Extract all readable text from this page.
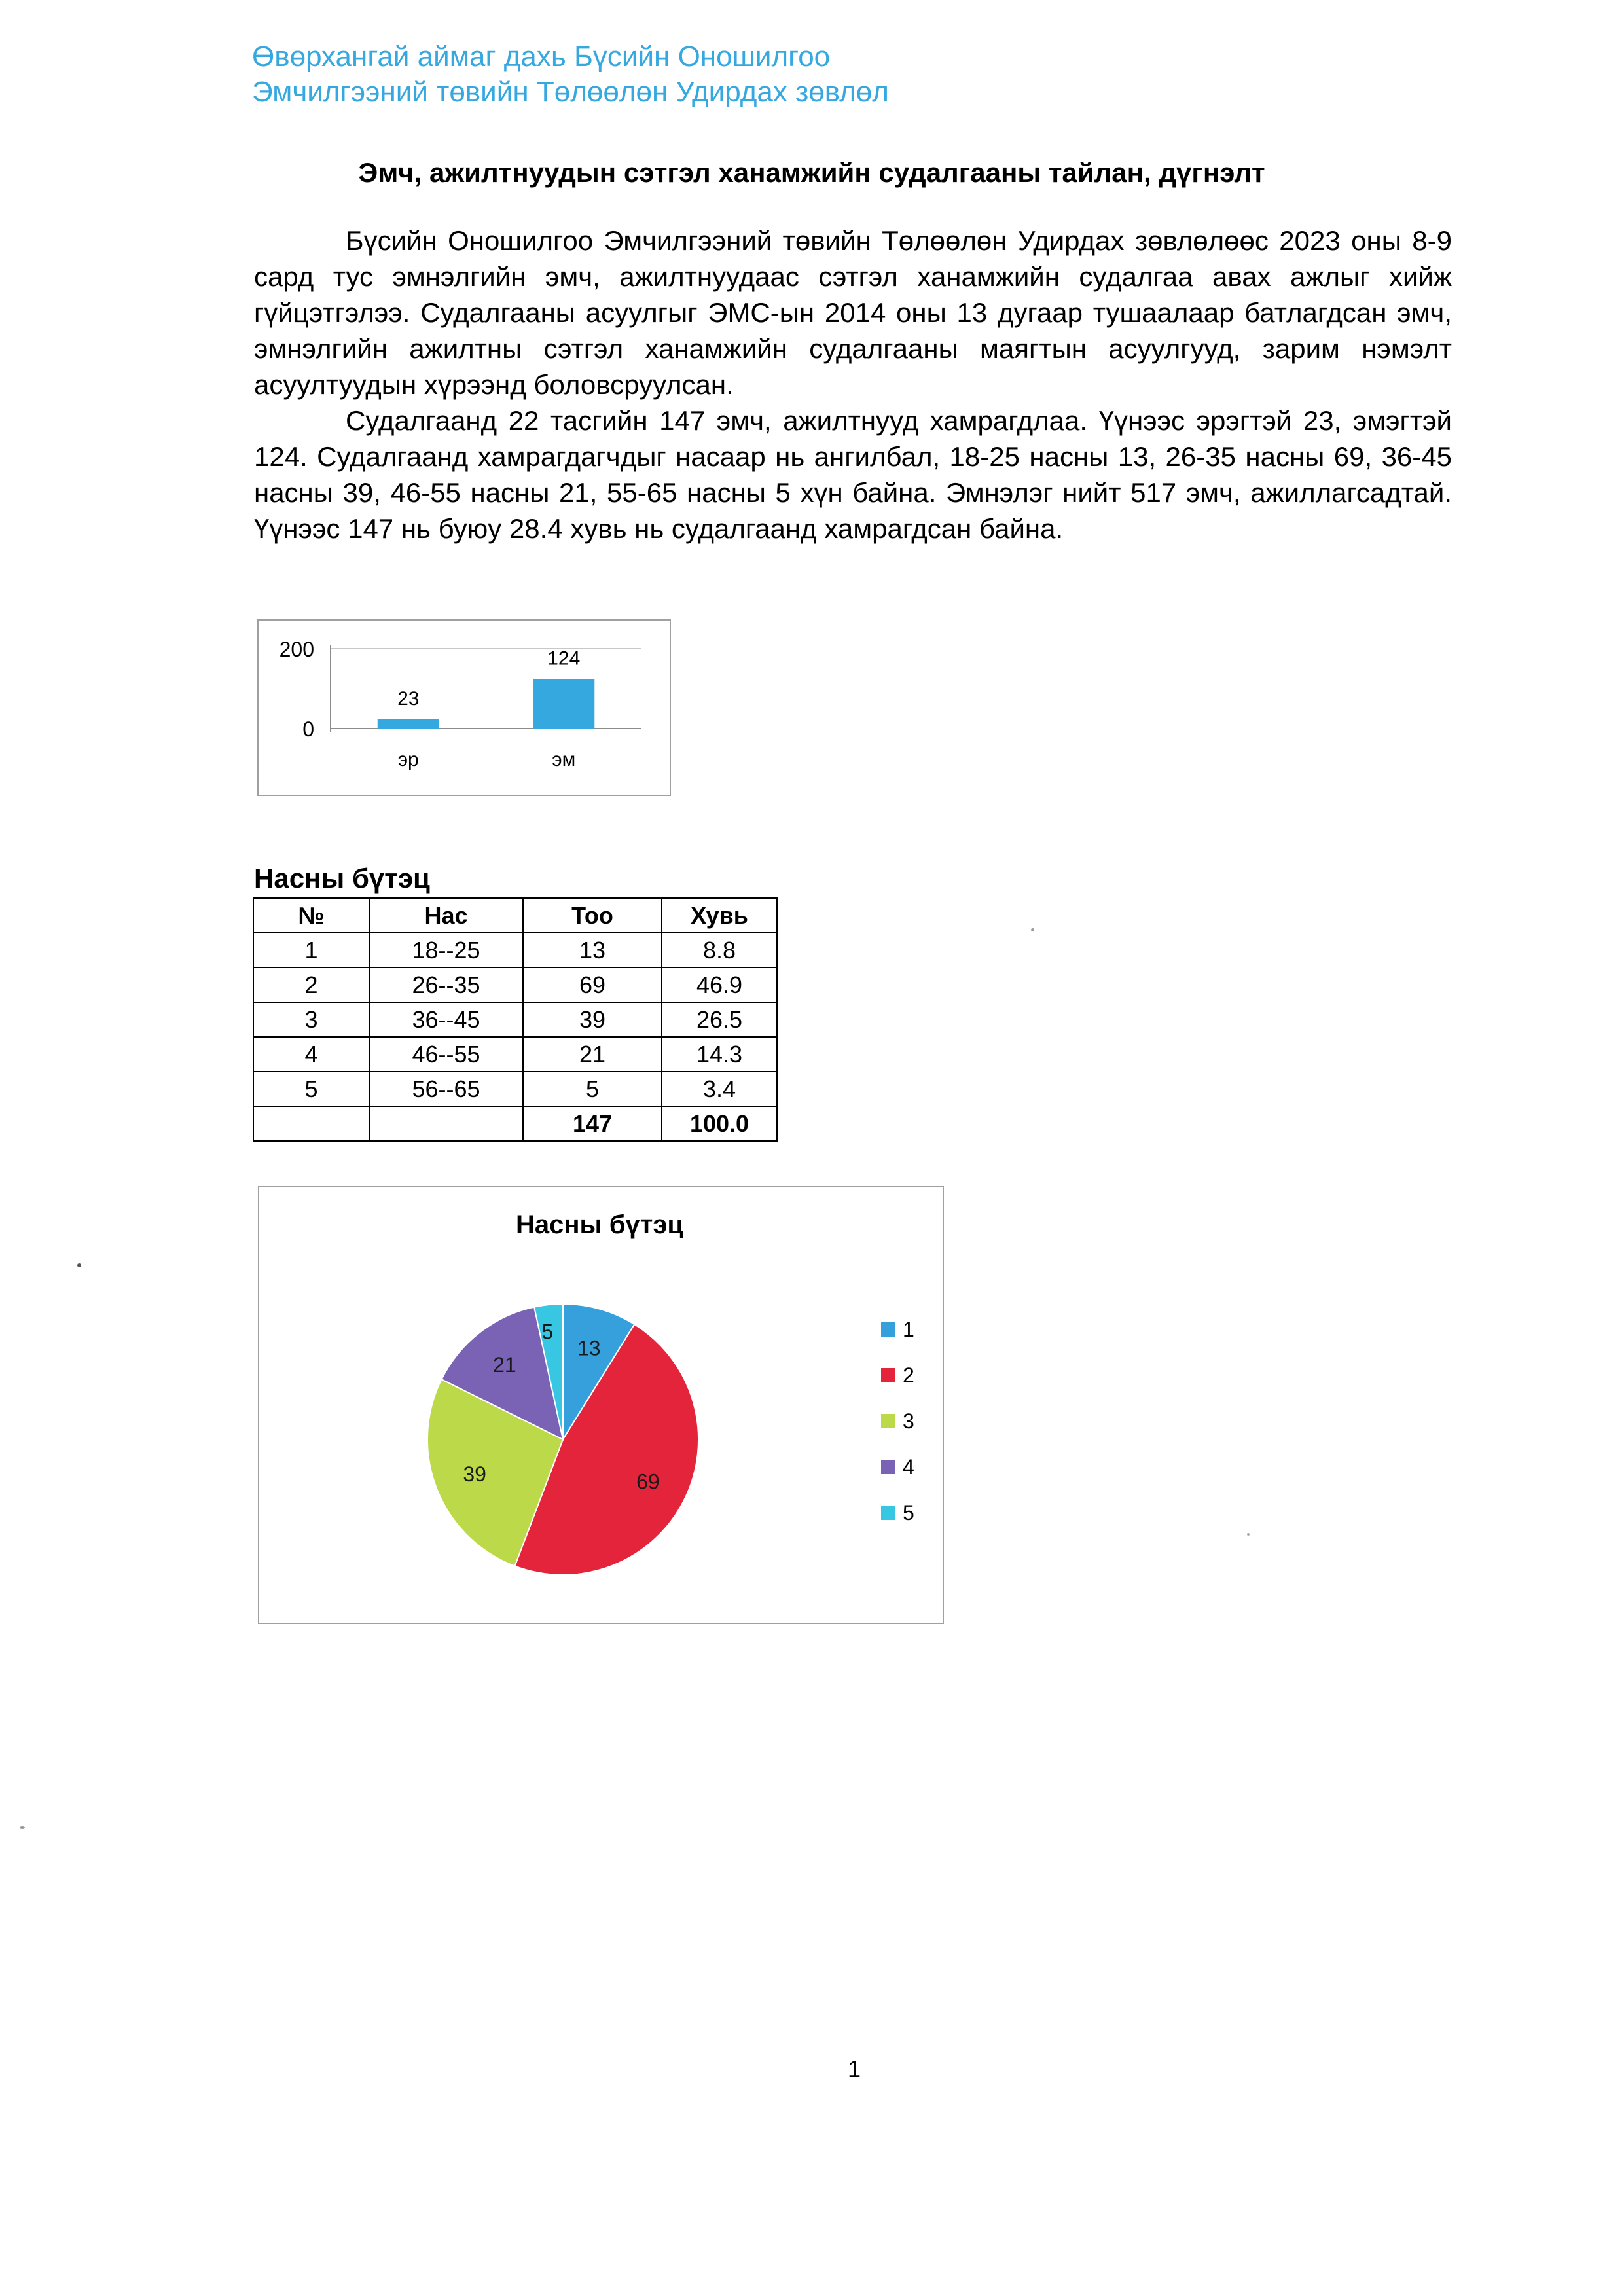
Өвөрхангай аймаг дахь Бүсийн Оношилгоо
Эмчилгээний төвийн Төлөөлөн Удирдах зөвлөл
Эмч, ажилтнуудын сэтгэл ханамжийн судалгааны тайлан, дүгнэлт

Бүсийн Оношилгоо Эмчилгээний төвийн Төлөөлөн Удирдах зөвлөлөөс 2023 оны 8-9 сард тус эмнэлгийн эмч, ажилтнуудаас сэтгэл ханамжийн судалгаа авах ажлыг хийж гүйцэтгэлээ. Судалгааны асуулгыг ЭМС-ын 2014 оны 13 дугаар тушаалаар батлагдсан эмч, эмнэлгийн ажилтны сэтгэл ханамжийн судалгааны маягтын асуулгууд, зарим нэмэлт асуултуудын хүрээнд боловсруулсан.

Судалгаанд 22 тасгийн 147 эмч, ажилтнууд хамрагдлаа. Үүнээс эрэгтэй 23, эмэгтэй 124. Судалгаанд хамрагдагчдыг насаар нь ангилбал, 18-25 насны 13, 26-35 насны 69, 36-45 насны 39, 46-55 насны 21, 55-65 насны 5 хүн байна. Эмнэлэг нийт 517 эмч, ажиллагсадтай. Үүнээс 147 нь буюу 28.4 хувь нь судалгаанд хамрагдсан байна.

0
200
23
эр
124
эм
Насны бүтэц
№	Нас	Тоо	Хувь
1	18--25	13	8.8
2	26--35	69	46.9
3	36--45	39	26.5
4	46--55	21	14.3
5	56--65	5	3.4
		147	100.0
Насны бүтэц
13
69
39
21
5	1
2
3
4
5
1
